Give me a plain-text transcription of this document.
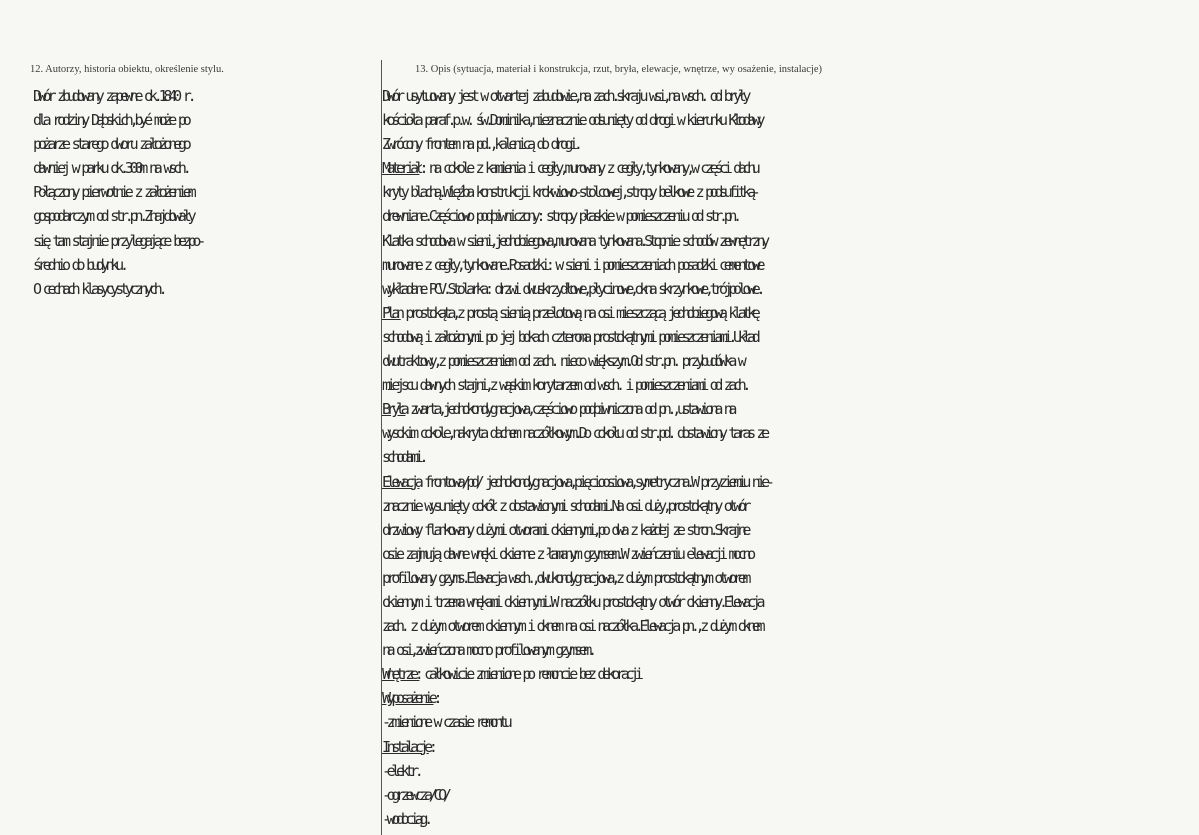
12. Autorzy, historia obiektu, określenie stylu.	13. Opis (sytuacja, materiał i konstrukcja, rzut, bryła, elewacje, wnętrze, wy osażenie, instalacje)
Dwór zbudowany zapewne ok.1840 r.
dla rodziny Dąbskich,byé może po
pożarze starego dworu założonego
dawniej w parku ok.300m na wsch.
Połączony pierwotnie z założeniem
gospodarczym od str.pn.Znajdowały
się tam stajnie przylegające bezpo-
średnio do budynku.
O cechach klasycystycznych.
Dwór usytuowany jest w otwartej zabudowie,na zach.skraju wsi,na wsch. od bryły
kościoła paraf.p.w. św.Dominika,nieznacznie odsunięty od drogi w kierunku Kłodawy
Zwrócony frontem na pd.,kalenicą do drogi.
Materiał: na cokole z kamienia i cegły,murowany z cegły,tynkowany,w części dachu
kryty blachą.Więźba konstrukcji krokwiowo-stolcowej,stropy belkowe z podsufitką-
drewniane.Częściowo podpiwniczony: stropy płaskie w pomieszczeniu od str.pn.
Klatka schodowa w sieni,jednobiegowa,murowana tynkowana.Stopnie schodów zewnętrzny
murowane z cegły,tynkowane.Posadzki: w sieni i pomieszczeniach posadzki cementowe
wykładane PCV.Stolarka: drzwi dwuskrzydłowe,płycinowe,okna skrzynkowe,trójpolowe.
Plan prostokąta,z prostą sienią przelotową na osi mieszczącą jednobiegową klatkę
schodową i założonymi po jej bokach czteroma prostokątnymi pomieszczeniami.Układ
dwutraktowy,z pomieszczeniem od zach. nieco większym.Od str.pn. przybudówka w
miejscu dawnych stajni,z wąskim korytarzem od wsch. i pomieszczeniami od zach.
Bryła zwarta,jednokondygnacjowa,częściowo podpiwniczona od pn.,ustawiona na
wysokim cokole,nakryta dachem naczółkowym.Do cokołu od str.pd. dostawiony taras ze
schodami.
Elewacja frontowa/pd/ jednokondygnacjowa,pięcioosiowa,symetryczna.W przyziemiu nie-
znacznie wysunięty cokół z dostawionymi schodami.Na osi duży,prostokątny otwór
drzwiowy flankowany dużymi otworami okiennymi,po dwa z każdej ze stron.Skrajne
osie zajmują dawne wnęki okienne z łamanym gzymsem.W zwieńczeniu elewacji mocno
profilowany gzyms.Elewacja wsch.,dwukondygnacjowa,z dużym prostokątnym otworem
okiennym i trzema wnękami okiennymi.W naczółku prostokątny otwór okienny.Elewacja
zach. z dużym otworem okiennym i oknem na osi naczółka.Elewacja pn.,z dużym oknem
na osi,zwieńczona mocno profilowanym gzymsem.
Wnętrze: całkowicie zmienione po remoncie bez dekoracji
Wyposażenie:
-zmienione w czasie remontu
Instalacje:
-elektr.
-ogrzewcza/CO/
-wodociąg.
